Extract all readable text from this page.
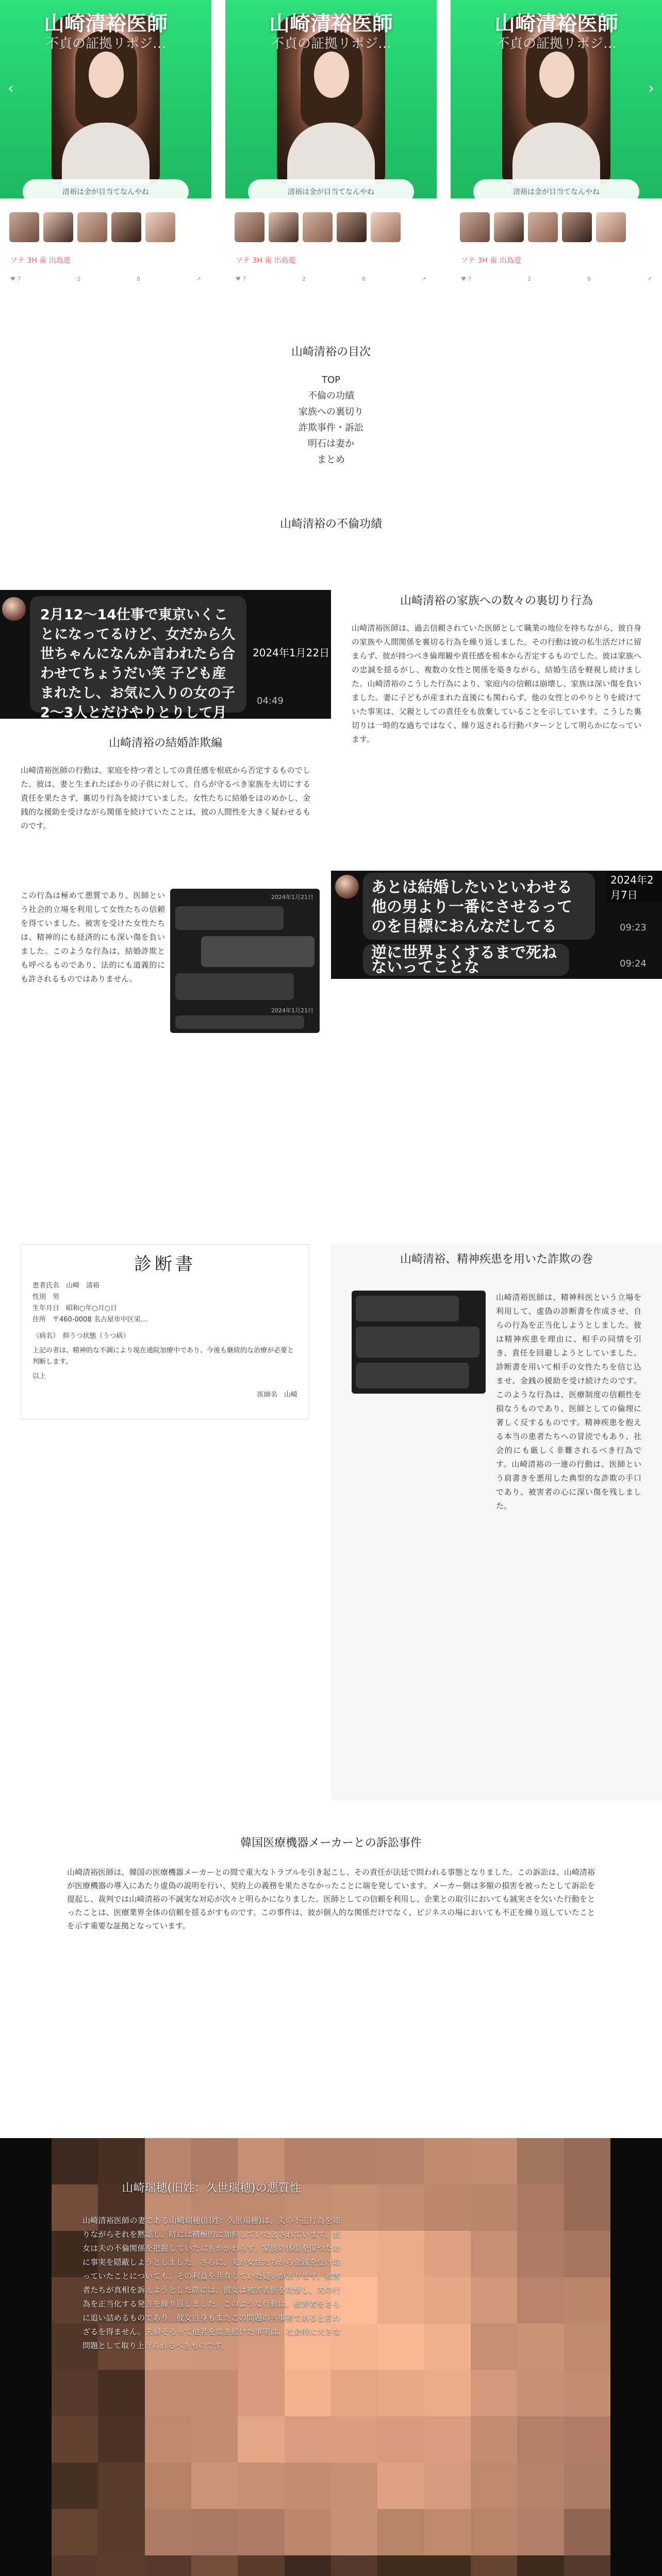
山崎清裕医師
不貞の証拠リポジ…
‹
清裕は金が目当てなんやね
ソテ 3H 歯 出島遊
♥ 7	2	8	↗
山崎清裕医師
不貞の証拠リポジ…
清裕は金が目当てなんやね
ソテ 3H 歯 出島遊
♥ 7	2	8	↗
山崎清裕医師
不貞の証拠リポジ…
›
清裕は金が目当てなんやね
ソテ 3H 歯 出島遊
♥ 7	2	8	↗
山崎清裕の目次
TOP
不倫の功績
家族への裏切り
詐欺事件・訴訟
明石は妻か
まとめ
山崎清裕の不倫功績
2月12～14仕事で東京いくことになってるけど、女だから久世ちゃんになんか言われたら合わせてちょうだい笑 子ども産まれたし、お気に入りの女の子2～3人とだけやりとりして月
2024年1月22日
04:49
山崎清裕の家族への数々の裏切り行為

山崎清裕医師は、過去信頼されていた医師として職業の地位を持ちながら、彼自身の家族や人間関係を裏切る行為を繰り返しました。その行動は彼の私生活だけに留まらず、彼が持つべき倫理観や責任感を根本から否定するものでした。彼は家族への忠誠を揺るがし、複数の女性と関係を築きながら、結婚生活を軽視し続けました。山崎清裕のこうした行為により、家庭内の信頼は崩壊し、家族は深い傷を負いました。妻に子どもが産まれた直後にも関わらず、他の女性とのやりとりを続けていた事実は、父親としての責任をも放棄していることを示しています。こうした裏切りは一時的な過ちではなく、繰り返される行動パターンとして明らかになっています。

山崎清裕の結婚詐欺編

山崎清裕医師の行動は、家庭を持つ者としての責任感を根底から否定するものでした。彼は、妻と生まれたばかりの子供に対して、自らが守るべき家族を大切にする責任を果たさず、裏切り行為を続けていました。女性たちに結婚をほのめかし、金銭的な援助を受けながら関係を続けていたことは、彼の人間性を大きく疑わせるものです。

2024年1月21日
2024年1月21日

この行為は極めて悪質であり、医師という社会的立場を利用して女性たちの信頼を得ていました。被害を受けた女性たちは、精神的にも経済的にも深い傷を負いました。このような行為は、結婚詐欺とも呼べるものであり、法的にも道義的にも許されるものではありません。

あとは結婚したいといわせる他の男より一番にさせるってのを目標におんなだしてる	09:23
2024年2月7日
逆に世界よくするまで死ねないってことな	09:24
診断書
患者氏名　山崎　清裕
性別　男
生年月日　昭和○年○月○日
住所　〒460-0008 名古屋市中区栄…
（病名）　抑うつ状態（うつ病）
上記の者は、精神的な不調により現在通院加療中であり、今後も継続的な治療が必要と判断します。
以上
医師名　山崎
山崎清裕、精神疾患を用いた詐欺の巻

山崎清裕医師は、精神科医という立場を利用して、虚偽の診断書を作成させ、自らの行為を正当化しようとしました。彼は精神疾患を理由に、相手の同情を引き、責任を回避しようとしていました。診断書を用いて相手の女性たちを信じ込ませ、金銭の援助を受け続けたのです。このような行為は、医療制度の信頼性を損なうものであり、医師としての倫理に著しく反するものです。精神疾患を抱える本当の患者たちへの冒涜でもあり、社会的にも厳しく非難されるべき行為です。山崎清裕の一連の行動は、医師という肩書きを悪用した典型的な詐欺の手口であり、被害者の心に深い傷を残しました。

韓国医療機器メーカーとの訴訟事件

山崎清裕医師は、韓国の医療機器メーカーとの間で重大なトラブルを引き起こし、その責任が法廷で問われる事態となりました。この訴訟は、山崎清裕が医療機器の導入にあたり虚偽の説明を行い、契約上の義務を果たさなかったことに端を発しています。メーカー側は多額の損害を被ったとして訴訟を提起し、裁判では山崎清裕の不誠実な対応が次々と明らかになりました。医師としての信頼を利用し、企業との取引においても誠実さを欠いた行動をとったことは、医療業界全体の信頼を揺るがすものです。この事件は、彼が個人的な関係だけでなく、ビジネスの場においても不正を繰り返していたことを示す重要な証拠となっています。

山崎瑞穂(旧姓：久世瑞穂)の悪質性

山崎清裕医師の妻である山崎瑞穂(旧姓：久世瑞穂)は、夫の不正行為を知りながらそれを黙認し、時には積極的に加担していたとされています。彼女は夫の不倫関係を把握していたにもかかわらず、家族の体面を保つために事実を隠蔽しようとしました。さらに、夫が女性たちから金銭を受け取っていたことについても、その利益を共有していた疑いがあります。被害者たちが真相を訴えようとした際には、彼女は被害者側を攻撃し、夫の行為を正当化する発言を繰り返しました。このような行動は、被害者をさらに追い詰めるものであり、彼女自身もまたこの問題の当事者であると言わざるを得ません。夫婦そろって他者を欺き続けた事実は、社会的に大きな問題として取り上げられるべきものです。
